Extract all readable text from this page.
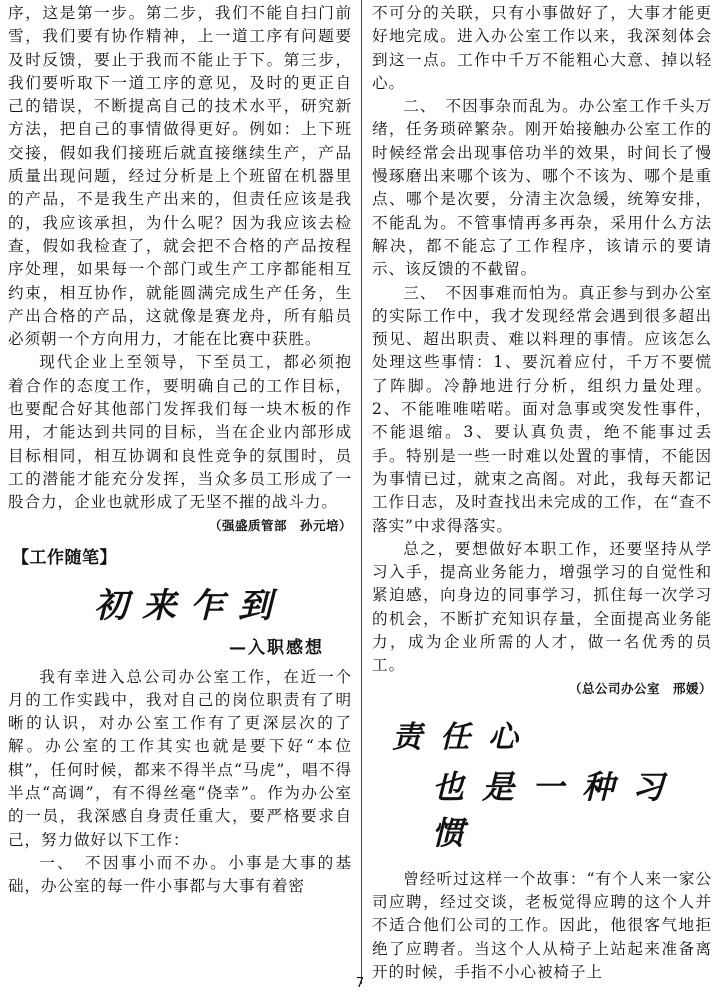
序，这是第一步。第二步，我们不能自扫门前雪，我们要有协作精神，上一道工序有问题要及时反馈，要止于我而不能止于下。第三步，我们要听取下一道工序的意见，及时的更正自己的错误，不断提高自己的技术水平，研究新方法，把自己的事情做得更好。例如：上下班交接，假如我们接班后就直接继续生产，产品质量出现问题，经过分析是上个班留在机器里的产品，不是我生产出来的，但责任应该是我的，我应该承担，为什么呢？因为我应该去检查，假如我检查了，就会把不合格的产品按程序处理，如果每一个部门或生产工序都能相互约束，相互协作，就能圆满完成生产任务，生产出合格的产品，这就像是赛龙舟，所有船员必须朝一个方向用力，才能在比赛中获胜。

现代企业上至领导，下至员工，都必须抱着合作的态度工作，要明确自己的工作目标，也要配合好其他部门发挥我们每一块木板的作用，才能达到共同的目标，当在企业内部形成目标相同，相互协调和良性竞争的氛围时，员工的潜能才能充分发挥，当众多员工形成了一股合力，企业也就形成了无坚不摧的战斗力。

（强盛质管部　孙元培）
【工作随笔】
初来乍到
—入职感想

我有幸进入总公司办公室工作，在近一个月的工作实践中，我对自己的岗位职责有了明晰的认识，对办公室工作有了更深层次的了解。办公室的工作其实也就是要下好“本位棋”，任何时候，都来不得半点“马虎”，唱不得半点“高调”，有不得丝毫“侥幸”。作为办公室的一员，我深感自身责任重大，要严格要求自己，努力做好以下工作：

一、　不因事小而不办。小事是大事的基础，办公室的每一件小事都与大事有着密

不可分的关联，只有小事做好了，大事才能更好地完成。进入办公室工作以来，我深刻体会到这一点。工作中千万不能粗心大意、掉以轻心。

二、　不因事杂而乱为。办公室工作千头万绪，任务琐碎繁杂。刚开始接触办公室工作的时候经常会出现事倍功半的效果，时间长了慢慢琢磨出来哪个该为、哪个不该为、哪个是重点、哪个是次要，分清主次急缓，统筹安排，不能乱为。不管事情再多再杂，采用什么方法解决，都不能忘了工作程序，该请示的要请示、该反馈的不截留。

三、　不因事难而怕为。真正参与到办公室的实际工作中，我才发现经常会遇到很多超出预见、超出职责、难以料理的事情。应该怎么处理这些事情：1、要沉着应付，千万不要慌了阵脚。冷静地进行分析，组织力量处理。2、不能唯唯喏喏。面对急事或突发性事件，不能退缩。3、要认真负责，绝不能事过丢手。特别是一些一时难以处置的事情，不能因为事情已过，就束之高阁。对此，我每天都记工作日志，及时查找出未完成的工作，在“查不落实”中求得落实。

总之，要想做好本职工作，还要坚持从学习入手，提高业务能力，增强学习的自觉性和紧迫感，向身边的同事学习，抓住每一次学习的机会，不断扩充知识存量，全面提高业务能力，成为企业所需的人才，做一名优秀的员工。

（总公司办公室　邢媛）
责任心
也是一种习惯

曾经听过这样一个故事：“有个人来一家公司应聘，经过交谈，老板觉得应聘的这个人并不适合他们公司的工作。因此，他很客气地拒绝了应聘者。当这个人从椅子上站起来准备离开的时候，手指不小心被椅子上

7
